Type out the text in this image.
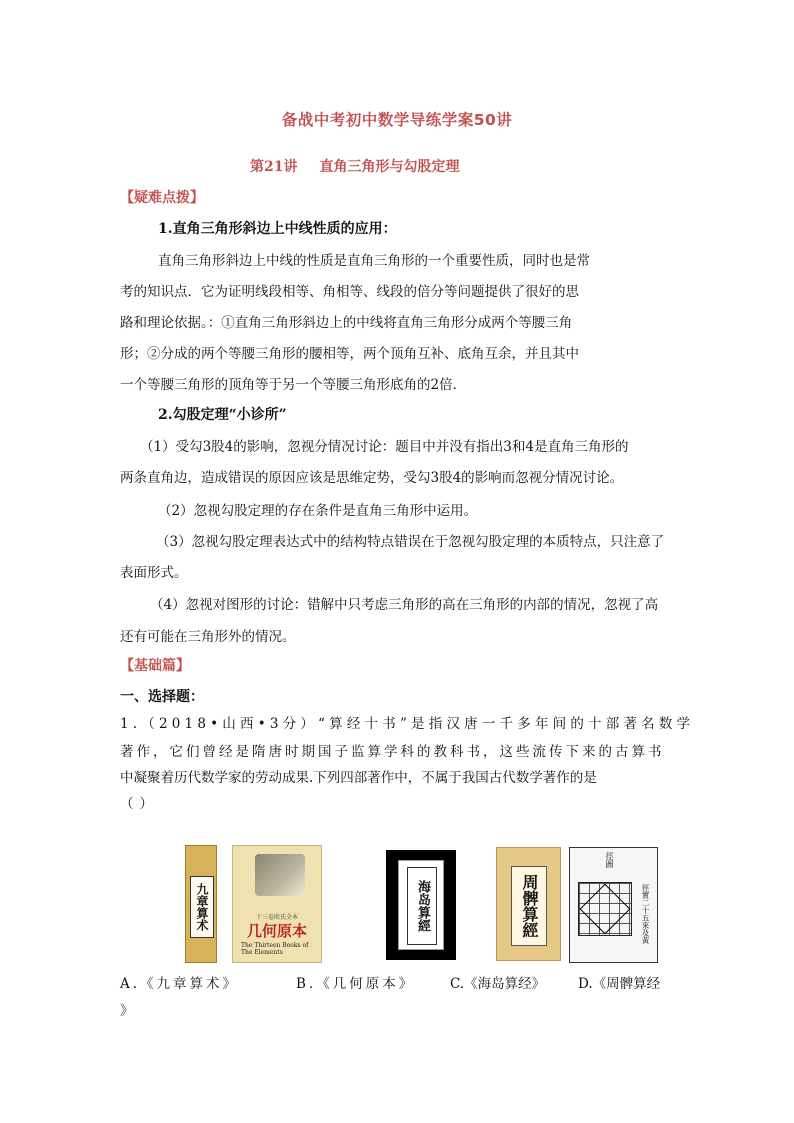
备战中考初中数学导练学案50讲
第21讲 直角三角形与勾股定理
【疑难点拨】
1.直角三角形斜边上中线性质的应用：
直角三角形斜边上中线的性质是直角三角形的一个重要性质，同时也是常
考的知识点．它为证明线段相等、角相等、线段的倍分等问题提供了很好的思
路和理论依据。：①直角三角形斜边上的中线将直角三角形分成两个等腰三角
形；②分成的两个等腰三角形的腰相等，两个顶角互补、底角互余，并且其中
一个等腰三角形的顶角等于另一个等腰三角形底角的2倍．
2.勾股定理“小诊所”
（1）受勾3股4的影响，忽视分情况讨论：题目中并没有指出3和4是直角三角形的
两条直角边，造成错误的原因应该是思维定势，受勾3股4的影响而忽视分情况讨论。
（2）忽视勾股定理的存在条件是直角三角形中运用。
（3）忽视勾股定理表达式中的结构特点错误在于忽视勾股定理的本质特点，只注意了
表面形式。
（4）忽视对图形的讨论：错解中只考虑三角形的高在三角形的内部的情况，忽视了高
还有可能在三角形外的情况。
【基础篇】
一、选择题：
1.（2018•山西•3分）“算经十书”是指汉唐一千多年间的十部著名数学
著作，它们曾经是隋唐时期国子监算学科的教科书，这些流传下来的古算书
中凝聚着历代数学家的劳动成果.下列四部著作中，不属于我国古代数学著作的是
（）
九章算术	十三卷欧氏全本
几何原本
The Thirteen Books of The Elements
海岛算經	周髀算經
徑圖
徑實二十五來及黃
A.《九章算术》	B.《几何原本》	C.《海岛算经》 D.《周髀算经
》
